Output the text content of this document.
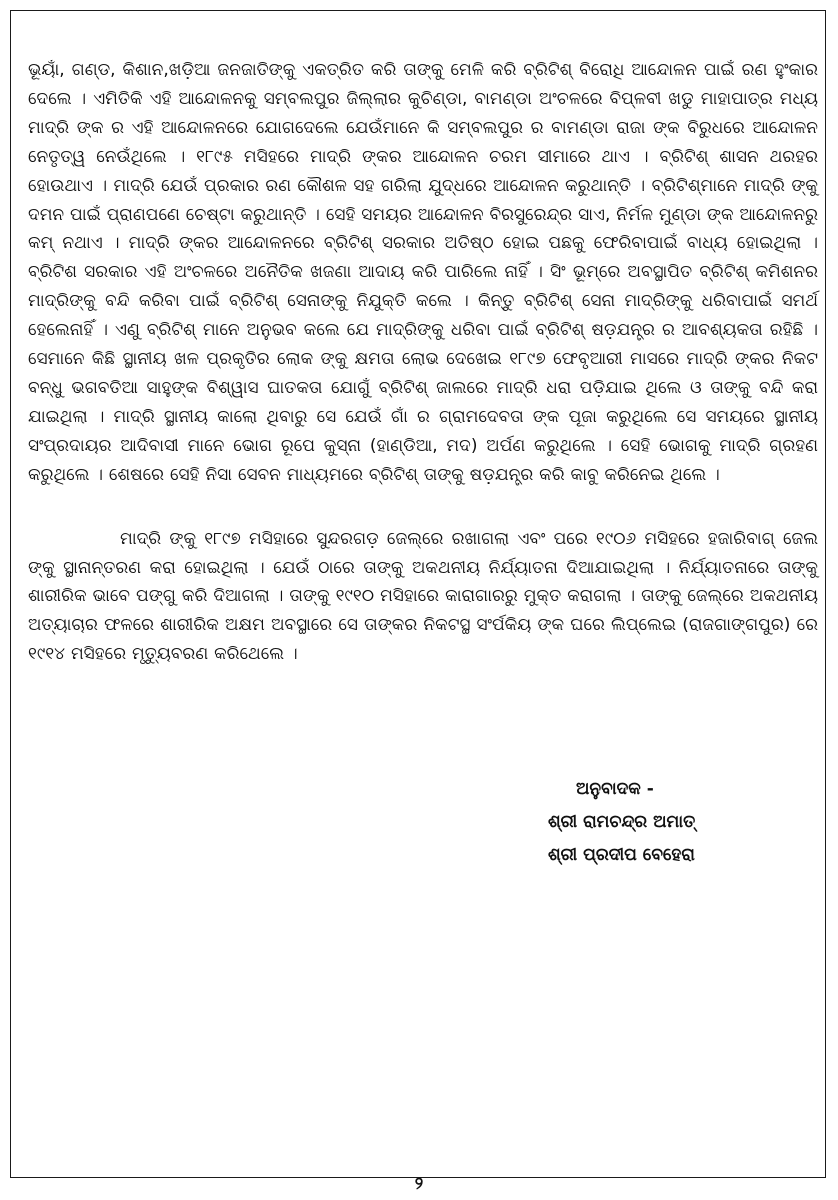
ଭୂୟାଁ, ଗଣ୍ଡ, କିଶାନ,ଖଡ଼ିଆ ଜନଜାତିଙ୍କୁ ଏକତ୍ରିତ କରି ତାଙ୍କୁ ମେଳି କରି ବ୍ରିଟିଶ୍ ବିରୋଧି ଆନ୍ଦୋଳନ ପାଇଁ ରଣ ହୁଂକାର ଦେଲେ । ଏମିତିକି ଏହି ଆନ୍ଦୋଳନକୁ ସମ୍ବଲପୁର ଜିଲ୍ଲାର କୁଚିଣ୍ଡା, ବାମଣ୍ଡା ଅଂଚଳରେ ବିପ୍ଳବୀ ଖଡୁ ମାହାପାତ୍ର ମଧ୍ୟ ମାଦ୍ରି ଙ୍କ ର ଏହି ଆନ୍ଦୋଳନରେ ଯୋଗଦେଲେ ଯେଉଁମାନେ କି ସମ୍ବଲପୁର ର ବାମଣ୍ଡା ରାଜା ଙ୍କ ବିରୁଧରେ ଆନ୍ଦୋଳନ ନେତୃତ୍ୱ ନେଉଁଥିଲେ । ୧୮୯୫ ମସିହରେ ମାଦ୍ରି ଙ୍କର ଆନ୍ଦୋଳନ ଚରମ ସୀମାରେ ଥାଏ । ବ୍ରିଟିଶ୍ ଶାସନ ଥରହର ହୋଉଥାଏ । ମାଦ୍ରି ଯେଉଁ ପ୍ରକାର ରଣ କୌଶଳ ସହ ଗରିଲା ଯୁଦ୍ଧରେ ଆନ୍ଦୋଳନ କରୁଥାନ୍ତି । ବ୍ରିଟିଶ୍‌ମାନେ ମାଦ୍ରି ଙ୍କୁ ଦମନ ପାଇଁ ପ୍ରାଣପଣେ ଚେଷ୍ଟା କରୁଥାନ୍ତି । ସେହି ସମୟର ଆନ୍ଦୋଳନ ବିରସୁରେନ୍ଦ୍ର ସାଏ, ନିର୍ମଳ ମୁଣ୍ଡା ଙ୍କ ଆନ୍ଦୋଳନରୁ କମ୍ ନଥାଏ । ମାଦ୍ରି ଙ୍କର ଆନ୍ଦୋଳନରେ ବ୍ରିଟିଶ୍ ସରକାର ଅତିଷ୍ଠ ହୋଇ ପଛକୁ ଫେରିବାପାଇଁ ବାଧ୍ୟ ହୋଇଥିଲା । ବ୍ରିଟିଶ ସରକାର ଏହି ଅଂଚଳରେ ଅନୈତିକ ଖଜଣା ଆଦାୟ କରି ପାରିଲେ ନାହିଁ । ସିଂ ଭୂମ୍‌ରେ ଅବସ୍ଥାପିତ ବ୍ରିଟିଶ୍ କମିଶନର ମାଦ୍ରିଙ୍କୁ ବନ୍ଦି କରିବା ପାଇଁ ବ୍ରିଟିଶ୍ ସେନାଙ୍କୁ ନିଯୁକ୍ତି କଲେ । କିନ୍ତୁ ବ୍ରିଟିଶ୍ ସେନା ମାଦ୍ରିଙ୍କୁ ଧରିବାପାଇଁ ସମର୍ଥ ହେଲେନାହିଁ । ଏଣୁ ବ୍ରିଟିଶ୍ ମାନେ ଅନୁଭବ କଲେ ଯେ ମାଦ୍ରିଙ୍କୁ ଧରିବା ପାଇଁ ବ୍ରିଟିଶ୍ ଷଡ଼ଯନ୍ତ୍ର ର ଆବଶ୍ୟକତା ରହିଛି । ସେମାନେ କିଛି ସ୍ଥାନୀୟ ଖଳ ପ୍ରକୃତିର ଲୋକ ଙ୍କୁ କ୍ଷମତା ଲୋଭ ଦେଖେଇ ୧୮୯୭ ଫେବୃଆରୀ ମାସରେ ମାଦ୍ରି ଙ୍କର ନିକଟ ବନ୍ଧୁ ଭଗବତିଆ ସାହୁଙ୍କ ବିଶ୍ୱାସ ଘାତକତା ଯୋଗୁଁ ବ୍ରିଟିଶ୍ ଜାଲରେ ମାଦ୍ରି ଧରା ପଡ଼ିଯାଇ ଥିଲେ ଓ ତାଙ୍କୁ ବନ୍ଦି କରା ଯାଇଥିଲା । ମାଦ୍ରି ସ୍ଥାନୀୟ କାଲୋ ଥିବାରୁ ସେ ଯେଉଁ ଗାଁ ର ଗ୍ରାମଦେବତା ଙ୍କ ପୂଜା କରୁଥିଲେ ସେ ସମୟରେ ସ୍ଥାନୀୟ ସଂପ୍ରଦାୟର ଆଦିବାସୀ ମାନେ ଭୋଗ ରୂପେ କୁସ୍‌ନା (ହାଣ୍ଡିଆ, ମଦ) ଅର୍ପଣ କରୁଥିଲେ । ସେହି ଭୋଗକୁ ମାଦ୍ରି ଗ୍ରହଣ କରୁଥିଲେ । ଶେଷରେ ସେହି ନିସା ସେବନ ମାଧ୍ୟମରେ ବ୍ରିଟିଶ୍ ତାଙ୍କୁ ଷଡ଼ଯନ୍ତ୍ର କରି କାବୁ କରିନେଇ ଥିଲେ ।

ମାଦ୍ରି ଙ୍କୁ ୧୮୯୭ ମସିହାରେ ସୁନ୍ଦରଗଡ଼ ଜେଲ୍‌ରେ ରଖାଗଲା ଏବଂ ପରେ ୧୯୦୬ ମସିହରେ ହଜାରିବାଗ୍ ଜେଲ ଙ୍କୁ ସ୍ଥାନାନ୍ତରଣ କରା ହୋଇଥିଲା । ଯେଉଁ ଠାରେ ତାଙ୍କୁ ଅକଥନୀୟ ନିର୍ଯ୍ୟାତନା ଦିଆଯାଇଥିଲା । ନିର୍ଯ୍ୟାତନାରେ ତାଙ୍କୁ ଶାରୀରିକ ଭାବେ ପଙ୍ଗୁ କରି ଦିଆଗଲା । ତାଙ୍କୁ ୧୯୧୦ ମସିହାରେ କାରାଗାରରୁ ମୁକ୍ତ କରାଗଲା । ତାଙ୍କୁ ଜେଲ୍‌ରେ ଅକଥନୀୟ ଅତ୍ୟାଚାର ଫଳରେ ଶାରୀରିକ ଅକ୍ଷମ ଅବସ୍ଥାରେ ସେ ତାଙ୍କର ନିକଟସ୍ଥ ସଂର୍ପକିୟ ଙ୍କ ଘରେ ଲିପ୍‌ଲେଇ (ରାଜଗାଙ୍ଗପୁର) ରେ ୧୯୧୪ ମସିହରେ ମୃତ୍ୟୁବରଣ କରିଥେଲେ ।

ଅନୁବାଦକ -
ଶ୍ରୀ ରାମଚନ୍ଦ୍ର ଅମାତ୍
ଶ୍ରୀ ପ୍ରଦୀପ ବେହେରା
୨
